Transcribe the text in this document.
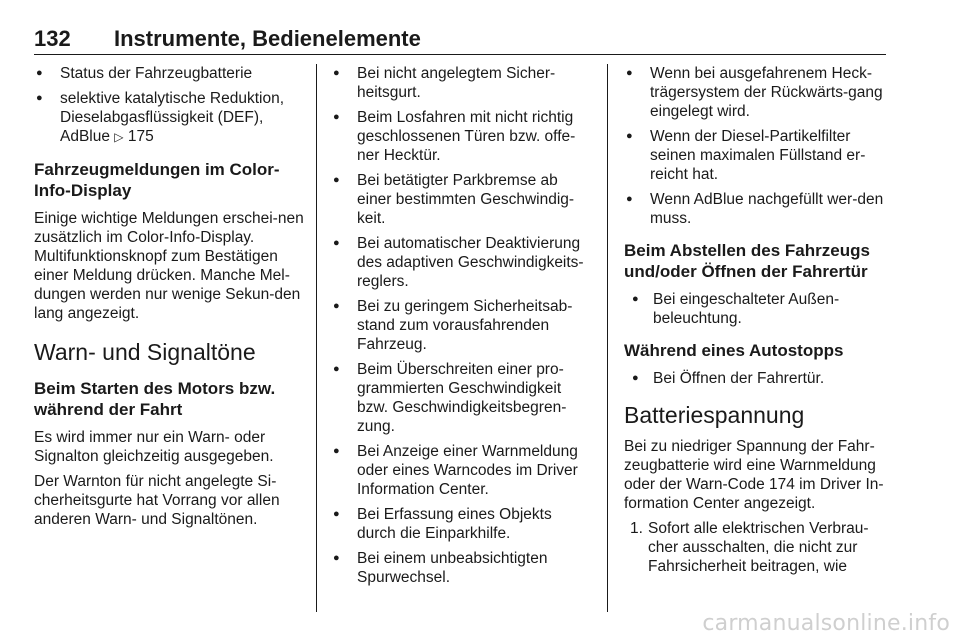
132 Instrumente, Bedienelemente
● Status der Fahrzeugbatterie
● selektive katalytische Reduktion, Dieselabgasflüssigkeit (DEF), AdBlue ▷ 175
Fahrzeugmeldungen im Color-Info-Display

Einige wichtige Meldungen erschei-nen zusätzlich im Color-Info-Display. Multifunktionsknopf zum Bestätigen einer Meldung drücken. Manche Mel-dungen werden nur wenige Sekun-den lang angezeigt.

Warn- und Signaltöne
Beim Starten des Motors bzw. während der Fahrt

Es wird immer nur ein Warn- oder Signalton gleichzeitig ausgegeben.

Der Warnton für nicht angelegte Si-cherheitsgurte hat Vorrang vor allen anderen Warn- und Signaltönen.

● Bei nicht angelegtem Sicher-heitsgurt.
● Beim Losfahren mit nicht richtig geschlossenen Türen bzw. offe-ner Hecktür.
● Bei betätigter Parkbremse ab einer bestimmten Geschwindig-keit.
● Bei automatischer Deaktivierung des adaptiven Geschwindigkeits-reglers.
● Bei zu geringem Sicherheitsab-stand zum vorausfahrenden Fahrzeug.
● Beim Überschreiten einer pro-grammierten Geschwindigkeit bzw. Geschwindigkeitsbegren-zung.
● Bei Anzeige einer Warnmeldung oder eines Warncodes im Driver Information Center.
● Bei Erfassung eines Objekts durch die Einparkhilfe.
● Bei einem unbeabsichtigten Spurwechsel.
● Wenn bei ausgefahrenem Heck-trägersystem der Rückwärts-gang eingelegt wird.
● Wenn der Diesel-Partikelfilter seinen maximalen Füllstand er-reicht hat.
● Wenn AdBlue nachgefüllt wer-den muss.
Beim Abstellen des Fahrzeugs und/oder Öffnen der Fahrertür
● Bei eingeschalteter Außen-beleuchtung.
Während eines Autostopps
● Bei Öffnen der Fahrertür.
Batteriespannung

Bei zu niedriger Spannung der Fahr-zeugbatterie wird eine Warnmeldung oder der Warn-Code 174 im Driver In-formation Center angezeigt.

1. Sofort alle elektrischen Verbrau-cher ausschalten, die nicht zur Fahrsicherheit beitragen, wie
carmanualsonline.info
